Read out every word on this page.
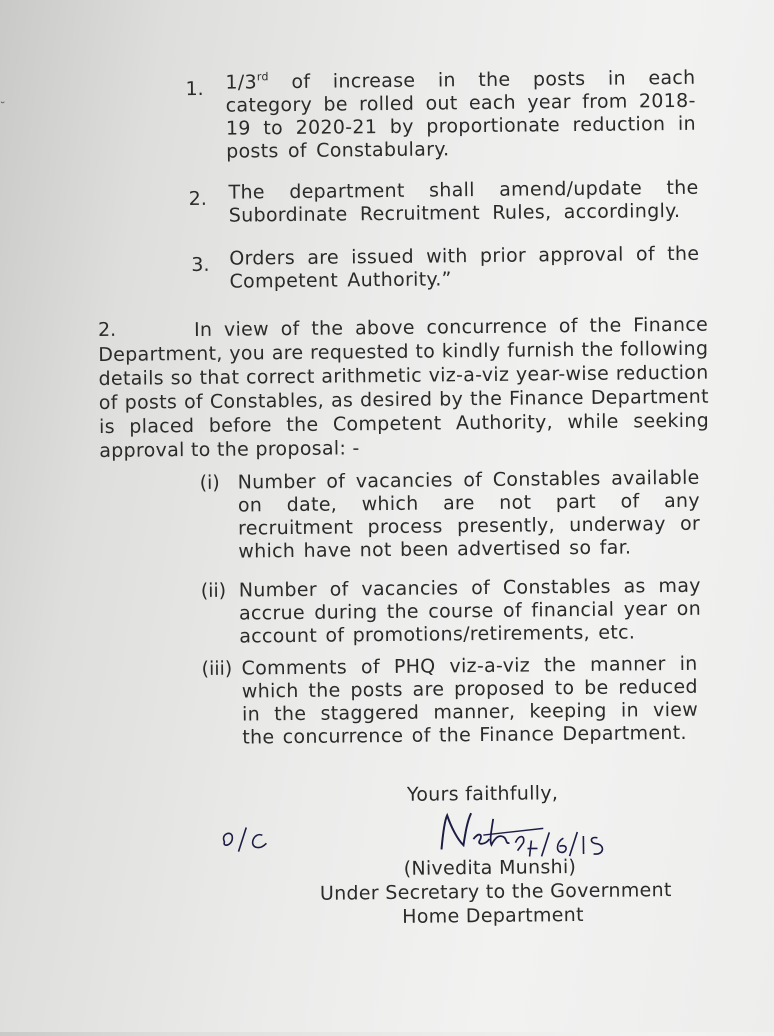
˘
1. 1/3rd of increase in the posts in each category be rolled out each year from 2018-19 to 2020-21 by proportionate reduction in posts of Constabulary.
2. The department shall amend/update the Subordinate Recruitment Rules, accordingly.
3. Orders are issued with prior approval of the Competent Authority.”
2.	In view of the above concurrence of the Finance Department, you are requested to kindly furnish the following details so that correct arithmetic viz-a-viz year-wise reduction of posts of Constables, as desired by the Finance Department is placed before the Competent Authority, while seeking approval to the proposal: -
(i) Number of vacancies of Constables available on date, which are not part of any recruitment process presently, underway or which have not been advertised so far.
(ii) Number of vacancies of Constables as may accrue during the course of financial year on account of promotions/retirements, etc.
(iii) Comments of PHQ viz-a-viz the manner in which the posts are proposed to be reduced in the staggered manner, keeping in view the concurrence of the Finance Department.
Yours faithfully,
(Nivedita Munshi)
Under Secretary to the Government
Home Department
